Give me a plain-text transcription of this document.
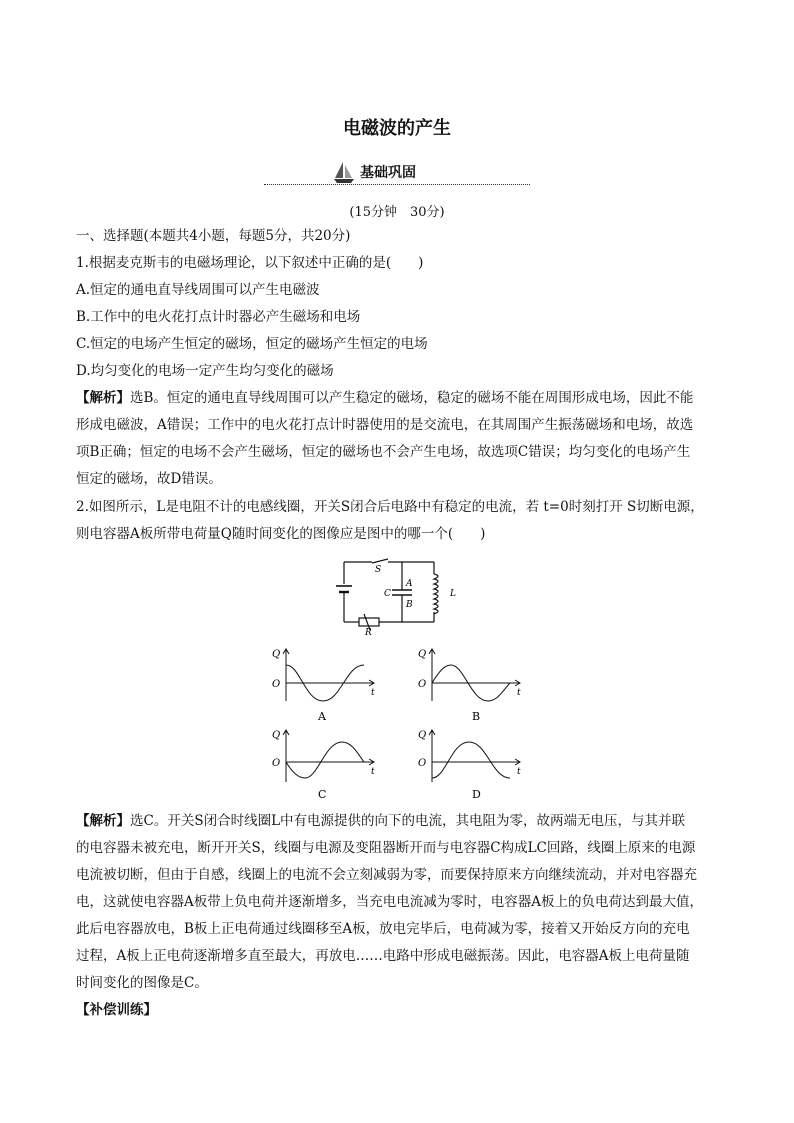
电磁波的产生
基础巩固
(15分钟　30分)

一、选择题(本题共4小题，每题5分，共20分)

1.根据麦克斯韦的电磁场理论，以下叙述中正确的是(　　)

A.恒定的通电直导线周围可以产生电磁波

B.工作中的电火花打点计时器必产生磁场和电场

C.恒定的电场产生恒定的磁场，恒定的磁场产生恒定的电场

D.均匀变化的电场一定产生均匀变化的磁场

【解析】选B。恒定的通电直导线周围可以产生稳定的磁场，稳定的磁场不能在周围形成电场，因此不能

形成电磁波，A错误；工作中的电火花打点计时器使用的是交流电，在其周围产生振荡磁场和电场，故选

项B正确；恒定的电场不会产生磁场，恒定的磁场也不会产生电场，故选项C错误；均匀变化的电场产生

恒定的磁场，故D错误。

2.如图所示，L是电阻不计的电感线圈，开关S闭合后电路中有稳定的电流，若 t=0时刻打开 S切断电源，

则电容器A板所带电荷量Q随时间变化的图像应是图中的哪一个(　　)

S
C
A
B
L
R
Q
O
t
A
Q
O
t
B
Q
O
t
C
Q
O
t
D

【解析】选C。开关S闭合时线圈L中有电源提供的向下的电流，其电阻为零，故两端无电压，与其并联

的电容器未被充电，断开开关S，线圈与电源及变阻器断开而与电容器C构成LC回路，线圈上原来的电源

电流被切断，但由于自感，线圈上的电流不会立刻减弱为零，而要保持原来方向继续流动，并对电容器充

电，这就使电容器A板带上负电荷并逐渐增多，当充电电流减为零时，电容器A板上的负电荷达到最大值，

此后电容器放电，B板上正电荷通过线圈移至A板，放电完毕后，电荷减为零，接着又开始反方向的充电

过程，A板上正电荷逐渐增多直至最大，再放电……电路中形成电磁振荡。因此，电容器A板上电荷量随

时间变化的图像是C。

【补偿训练】
